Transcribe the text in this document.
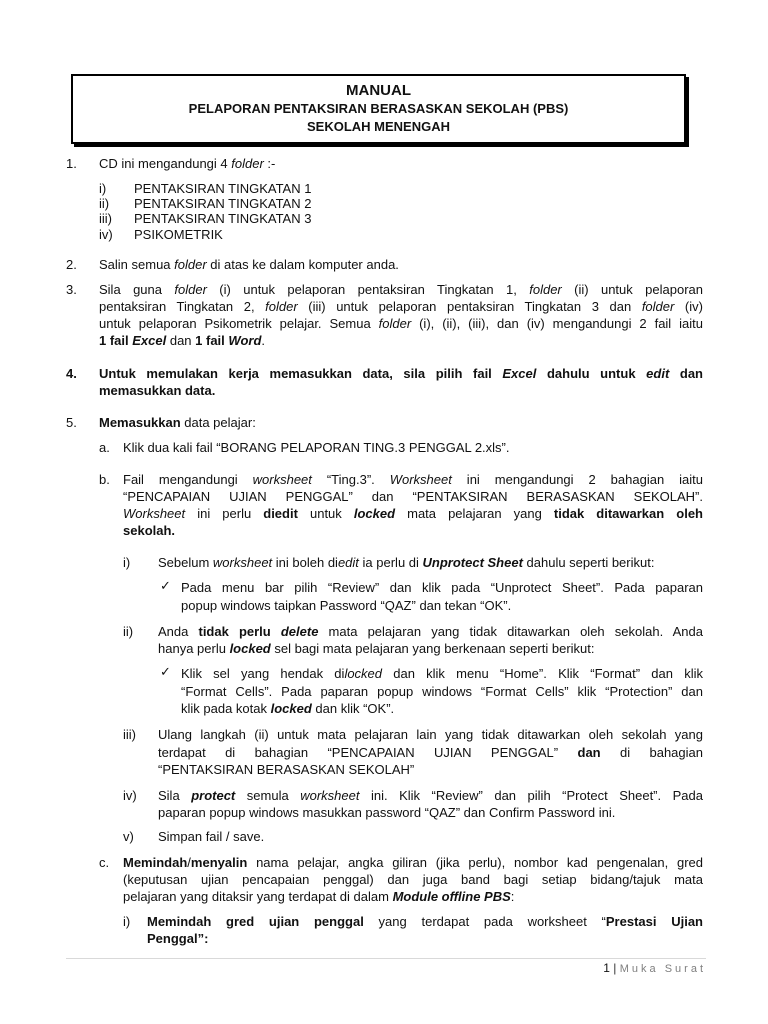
MANUAL
PELAPORAN PENTAKSIRAN BERASASKAN SEKOLAH (PBS)
SEKOLAH MENENGAH
1. CD ini mengandungi 4 folder :-
i) PENTAKSIRAN TINGKATAN 1
ii) PENTAKSIRAN TINGKATAN 2
iii) PENTAKSIRAN TINGKATAN 3
iv) PSIKOMETRIK
2. Salin semua folder di atas ke dalam komputer anda.
3. Sila guna folder (i) untuk pelaporan pentaksiran Tingkatan 1, folder (ii) untuk pelaporan
pentaksiran Tingkatan 2, folder (iii) untuk pelaporan pentaksiran Tingkatan 3 dan folder (iv)
untuk pelaporan Psikometrik pelajar. Semua folder (i), (ii), (iii), dan (iv) mengandungi 2 fail iaitu
1 fail Excel dan 1 fail Word.
4. Untuk memulakan kerja memasukkan data, sila pilih fail Excel dahulu untuk edit dan
memasukkan data.
5. Memasukkan data pelajar:
a. Klik dua kali fail “BORANG PELAPORAN TING.3 PENGGAL 2.xls”.
b. Fail mengandungi worksheet “Ting.3”. Worksheet ini mengandungi 2 bahagian iaitu
“PENCAPAIAN UJIAN PENGGAL” dan “PENTAKSIRAN BERASASKAN SEKOLAH”.
Worksheet ini perlu diedit untuk locked mata pelajaran yang tidak ditawarkan oleh
sekolah.
i) Sebelum worksheet ini boleh diedit ia perlu di Unprotect Sheet dahulu seperti berikut:
✓ Pada menu bar pilih “Review” dan klik pada “Unprotect Sheet”. Pada paparan
popup windows taipkan Password “QAZ” dan tekan “OK”.
ii) Anda tidak perlu delete mata pelajaran yang tidak ditawarkan oleh sekolah. Anda
hanya perlu locked sel bagi mata pelajaran yang berkenaan seperti berikut:
✓ Klik sel yang hendak dilocked dan klik menu “Home”. Klik “Format” dan klik
“Format Cells”. Pada paparan popup windows “Format Cells” klik “Protection” dan
klik pada kotak locked dan klik “OK”.
iii) Ulang langkah (ii) untuk mata pelajaran lain yang tidak ditawarkan oleh sekolah yang
terdapat di bahagian “PENCAPAIAN UJIAN PENGGAL” dan di bahagian
“PENTAKSIRAN BERASASKAN SEKOLAH”
iv) Sila protect semula worksheet ini. Klik “Review” dan pilih “Protect Sheet”. Pada
paparan popup windows masukkan password “QAZ” dan Confirm Password ini.
v) Simpan fail / save.
c. Memindah/menyalin nama pelajar, angka giliran (jika perlu), nombor kad pengenalan, gred
(keputusan ujian pencapaian penggal) dan juga band bagi setiap bidang/tajuk mata
pelajaran yang ditaksir yang terdapat di dalam Module offline PBS:
i) Memindah gred ujian penggal yang terdapat pada worksheet “Prestasi Ujian
Penggal”:
1 | Muka Surat
